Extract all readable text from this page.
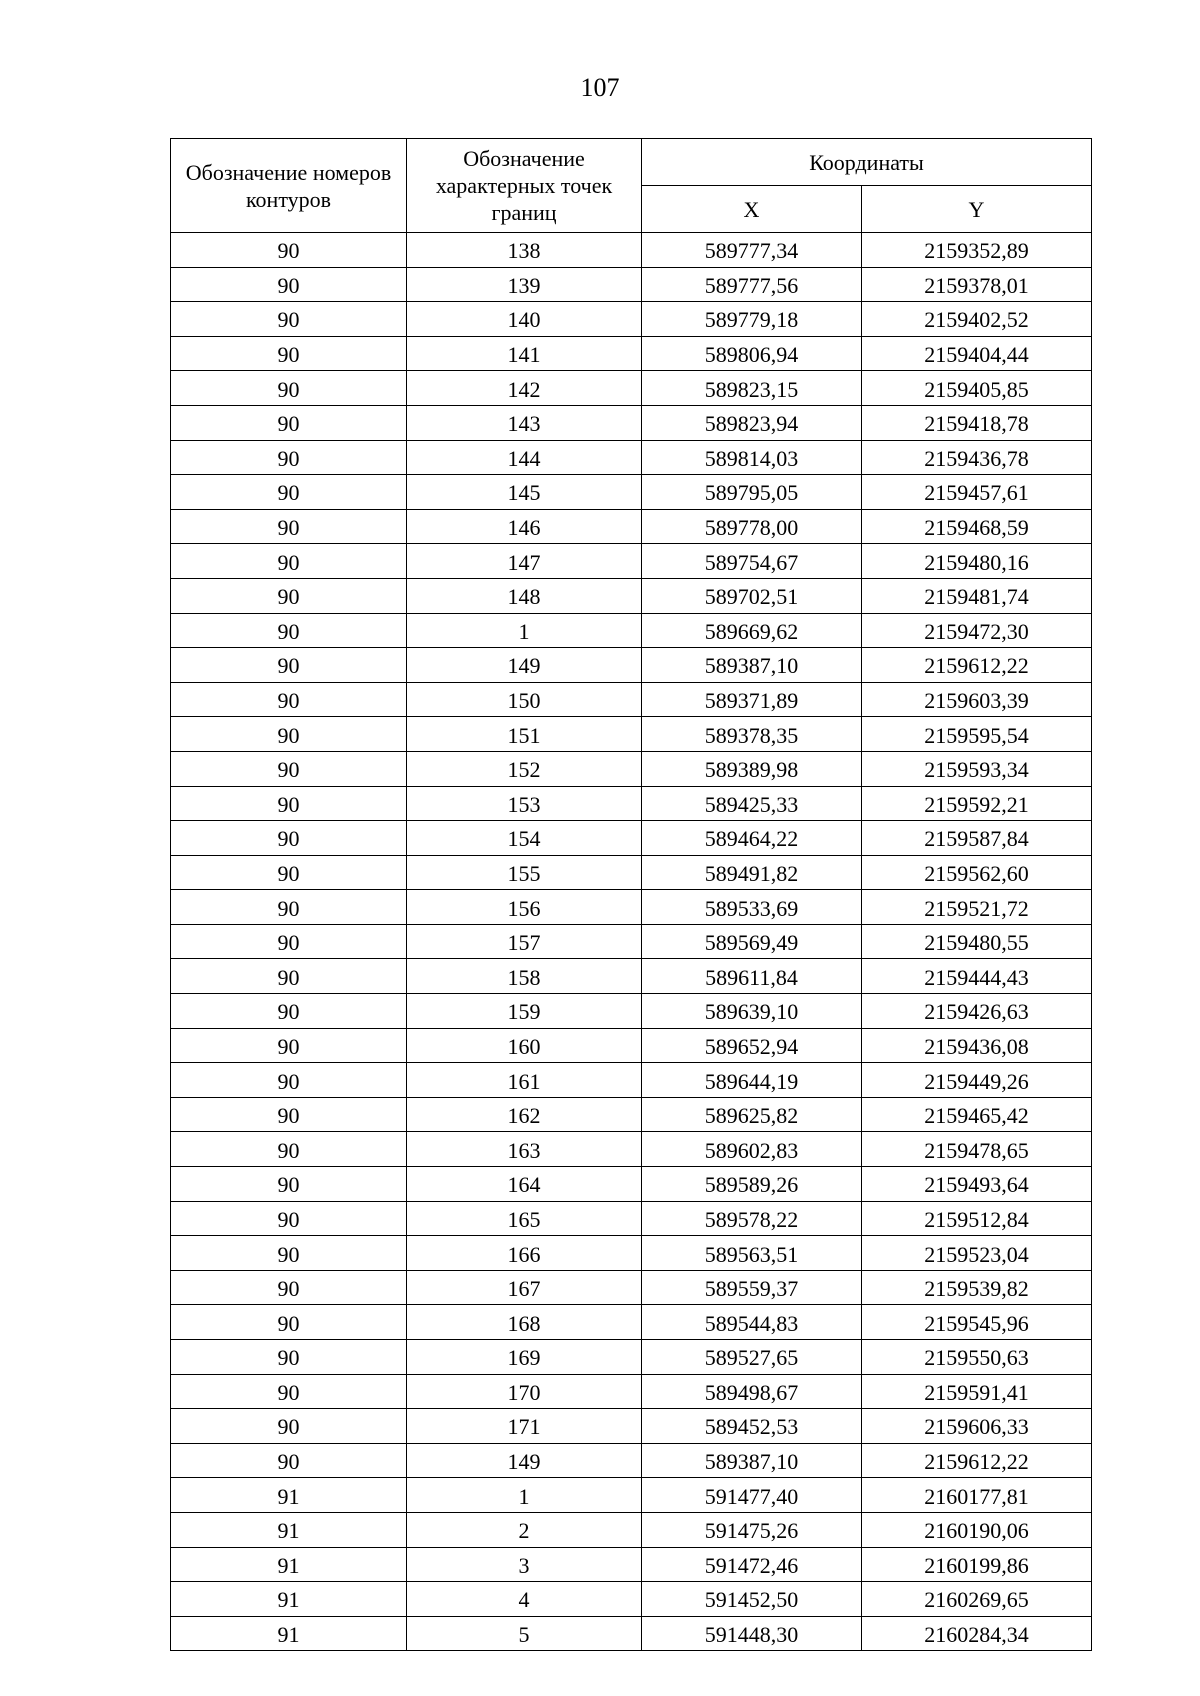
107
Обозначение номеров контуров	Обозначение характерных точек границ	Координаты	
		X	Y
90	138	589777,34	2159352,89
90	139	589777,56	2159378,01
90	140	589779,18	2159402,52
90	141	589806,94	2159404,44
90	142	589823,15	2159405,85
90	143	589823,94	2159418,78
90	144	589814,03	2159436,78
90	145	589795,05	2159457,61
90	146	589778,00	2159468,59
90	147	589754,67	2159480,16
90	148	589702,51	2159481,74
90	1	589669,62	2159472,30
90	149	589387,10	2159612,22
90	150	589371,89	2159603,39
90	151	589378,35	2159595,54
90	152	589389,98	2159593,34
90	153	589425,33	2159592,21
90	154	589464,22	2159587,84
90	155	589491,82	2159562,60
90	156	589533,69	2159521,72
90	157	589569,49	2159480,55
90	158	589611,84	2159444,43
90	159	589639,10	2159426,63
90	160	589652,94	2159436,08
90	161	589644,19	2159449,26
90	162	589625,82	2159465,42
90	163	589602,83	2159478,65
90	164	589589,26	2159493,64
90	165	589578,22	2159512,84
90	166	589563,51	2159523,04
90	167	589559,37	2159539,82
90	168	589544,83	2159545,96
90	169	589527,65	2159550,63
90	170	589498,67	2159591,41
90	171	589452,53	2159606,33
90	149	589387,10	2159612,22
91	1	591477,40	2160177,81
91	2	591475,26	2160190,06
91	3	591472,46	2160199,86
91	4	591452,50	2160269,65
91	5	591448,30	2160284,34
